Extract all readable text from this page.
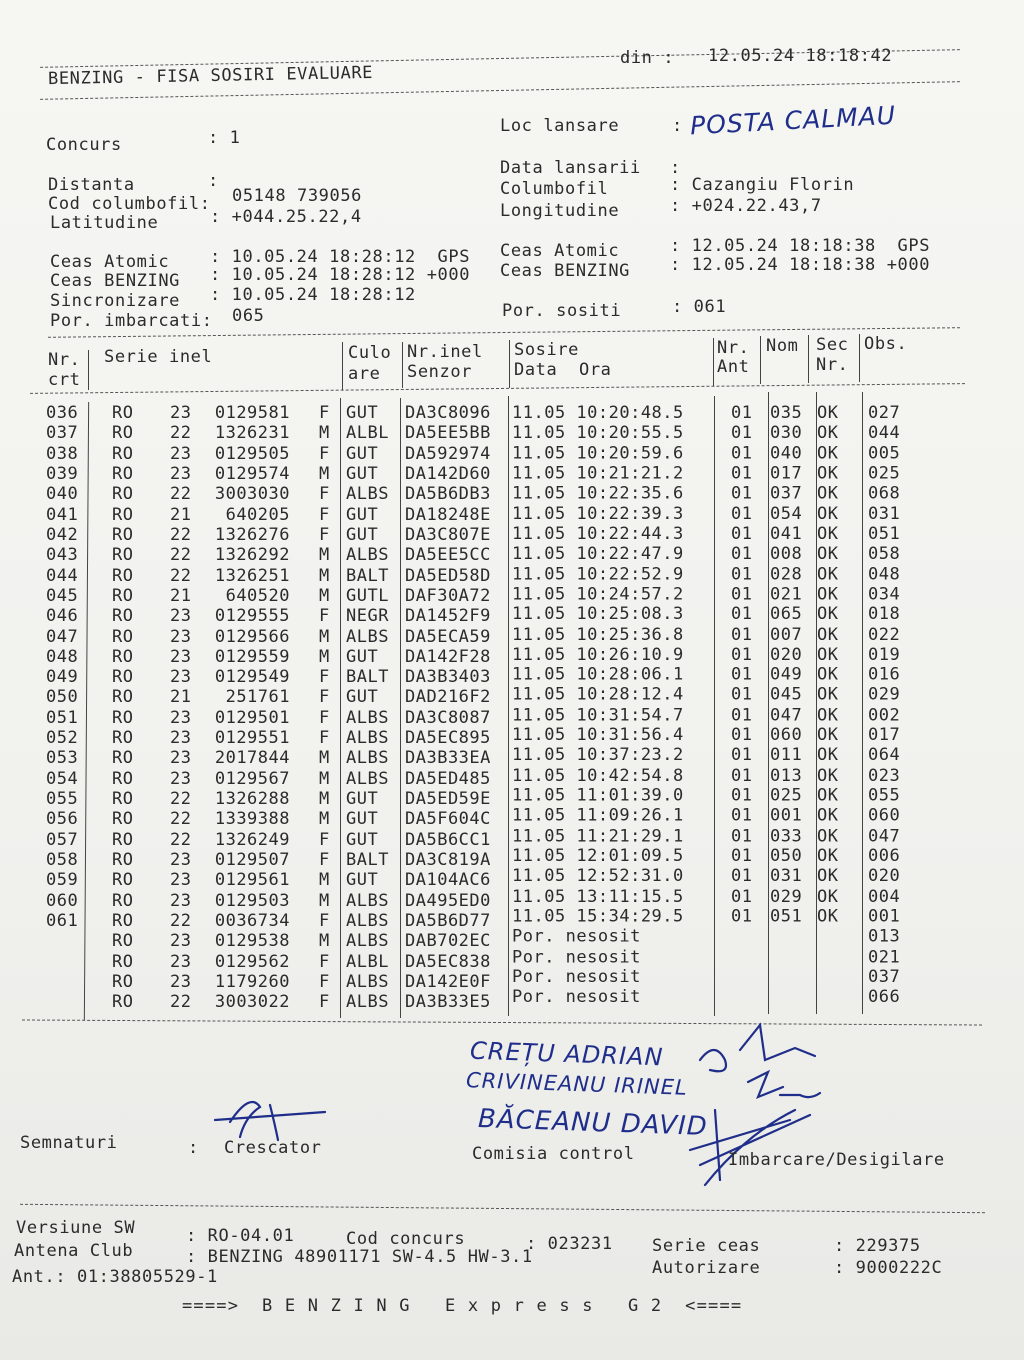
BENZING - FISA SOSIRI EVALUARE
din : 12.05.24 18:18:42
Concurs	: 1
Distanta	:
Cod columbofil: 05148 739056
Latitudine	: +044.25.22,4
Ceas Atomic : 10.05.24 18:28:12  GPS
Ceas BENZING : 10.05.24 18:28:12 +000
Sincronizare : 10.05.24 18:28:12
Por. imbarcati: 065
Loc lansare	: POSTA CALMAU
Data lansarii :
Columbofil	: Cazangiu Florin
Longitudine	: +024.22.43,7
Ceas Atomic	: 12.05.24 18:18:38  GPS
Ceas BENZING : 12.05.24 18:18:38 +000
Por. sositi	: 061
Nr.
crt
Serie inel	Culo
are
Nr.inel
Senzor
Sosire
Data  Ora
Nr.
Ant
Nom Sec
Nr.
Obs.
036 RO 23	0129581 F GUT DA3C8096 11.05 10:20:48.5	01 035 OK 027
037 RO 22	1326231 M ALBL DA5EE5BB 11.05 10:20:55.5	01 030 OK 044
038 RO 23	0129505 F GUT DA592974 11.05 10:20:59.6	01 040 OK 005
039 RO 23	0129574 M GUT DA142D60 11.05 10:21:21.2	01 017 OK 025
040 RO 22	3003030 F ALBS DA5B6DB3 11.05 10:22:35.6	01 037 OK 068
041 RO 21	640205 F GUT DA18248E 11.05 10:22:39.3	01 054 OK 031
042 RO 22	1326276 F GUT DA3C807E 11.05 10:22:44.3	01 041 OK 051
043 RO 22	1326292 M ALBS DA5EE5CC 11.05 10:22:47.9	01 008 OK 058
044 RO 22	1326251 M BALT DA5ED58D 11.05 10:22:52.9	01 028 OK 048
045 RO 21	640520 M GUTL DAF30A72 11.05 10:24:57.2	01 021 OK 034
046 RO 23	0129555 F NEGR DA1452F9 11.05 10:25:08.3	01 065 OK 018
047 RO 23	0129566 M ALBS DA5ECA59 11.05 10:25:36.8	01 007 OK 022
048 RO 23	0129559 M GUT DA142F28 11.05 10:26:10.9	01 020 OK 019
049 RO 23	0129549 F BALT DA3B3403 11.05 10:28:06.1	01 049 OK 016
050 RO 21	251761 F GUT DAD216F2 11.05 10:28:12.4	01 045 OK 029
051 RO 23	0129501 F ALBS DA3C8087 11.05 10:31:54.7	01 047 OK 002
052 RO 23	0129551 F ALBS DA5EC895 11.05 10:31:56.4	01 060 OK 017
053 RO 23	2017844 M ALBS DA3B33EA 11.05 10:37:23.2	01 011 OK 064
054 RO 23	0129567 M ALBS DA5ED485 11.05 10:42:54.8	01 013 OK 023
055 RO 22	1326288 M GUT DA5ED59E 11.05 11:01:39.0	01 025 OK 055
056 RO 22	1339388 M GUT DA5F604C 11.05 11:09:26.1	01 001 OK 060
057 RO 22	1326249 F GUT DA5B6CC1 11.05 11:21:29.1	01 033 OK 047
058 RO 23	0129507 F BALT DA3C819A 11.05 12:01:09.5	01 050 OK 006
059 RO 23	0129561 M GUT DA104AC6 11.05 12:52:31.0	01 031 OK 020
060 RO 23	0129503 M ALBS DA495ED0 11.05 13:11:15.5	01 029 OK 004
061 RO 22	0036734 F ALBS DA5B6D77 11.05 15:34:29.5	01 051 OK 001
RO 23	0129538 M ALBS DAB702EC Por. nesosit	013
RO 23	0129562 F ALBL DA5EC838 Por. nesosit	021
RO 23	1179260 F ALBS DA142E0F Por. nesosit	037
RO 22	3003022 F ALBS DA3B33E5 Por. nesosit	066
CREȚU ADRIAN
CRIVINEANU IRINEL
BĂCEANU DAVID
Semnaturi	: Crescator	Comisia control	Imbarcare/Desigilare
Versiune SW	: RO-04.01	Cod concurs	: 023231 Serie ceas	: 229375
Antena Club	: BENZING 48901171 SW-4.5 HW-3.1
Autorizare	: 9000222C
Ant.: 01:38805529-1
====>  B E N Z I N G   E x p r e s s   G 2  <====
